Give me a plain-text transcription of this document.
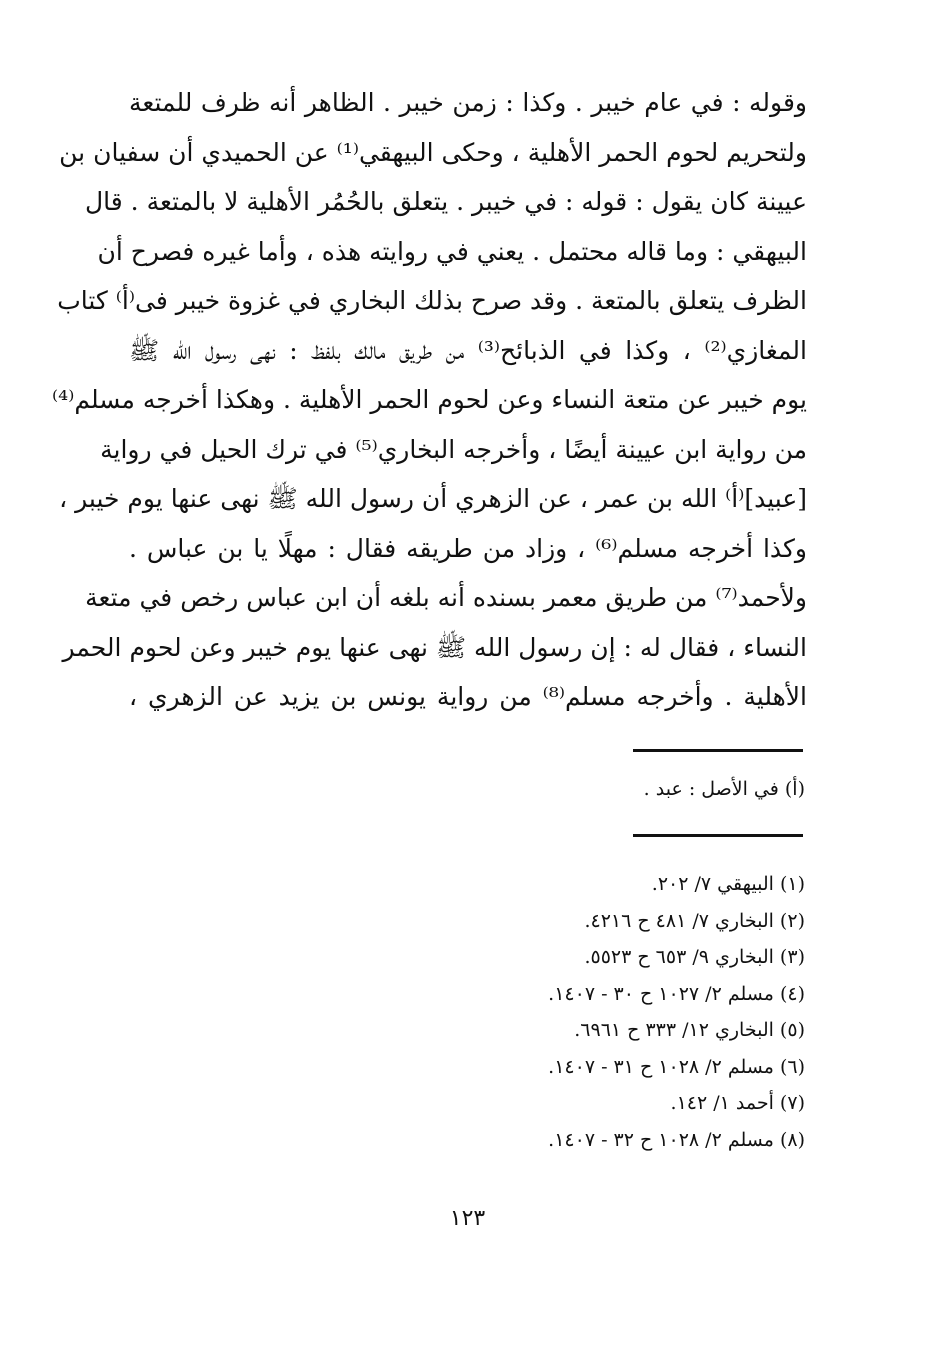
وقوله : في عام خيبر . وكذا : زمن خيبر . الظاهر أنه ظرف للمتعة
ولتحريم لحوم الحمر الأهلية ، وحكى البيهقي⁽¹⁾ عن الحميدي أن سفيان بن
عيينة كان يقول : قوله : في خيبر . يتعلق بالحُمُر الأهلية لا بالمتعة . قال
البيهقي : وما قاله محتمل . يعني في روايته هذه ، وأما غيره فصرح أن
الظرف يتعلق بالمتعة . وقد صرح بذلك البخاري في غزوة خيبر فى⁽أ⁾ كتاب
المغازي⁽²⁾ ، وكذا في الذبائح⁽³⁾ من طريق مالك بلفظ : نهى رسول الله ﷺ
يوم خيبر عن متعة النساء وعن لحوم الحمر الأهلية . وهكذا أخرجه مسلم⁽⁴⁾
من رواية ابن عيينة أيضًا ، وأخرجه البخاري⁽⁵⁾ في ترك الحيل في رواية
[عبيد]⁽أ⁾ الله بن عمر ، عن الزهري أن رسول الله ﷺ نهى عنها يوم خيبر ،
وكذا أخرجه مسلم⁽⁶⁾ ، وزاد من طريقه فقال : مهلًا يا بن عباس .
ولأحمد⁽⁷⁾ من طريق معمر بسنده أنه بلغه أن ابن عباس رخص في متعة
النساء ، فقال له : إن رسول الله ﷺ نهى عنها يوم خيبر وعن لحوم الحمر
الأهلية . وأخرجه مسلم⁽⁸⁾ من رواية يونس بن يزيد عن الزهري ،
(أ) في الأصل : عبد .
(١) البيهقي ٧/ ٢٠٢.
(٢) البخاري ٧/ ٤٨١ ح ٤٢١٦.
(٣) البخاري ٩/ ٦٥٣ ح ٥٥٢٣.
(٤) مسلم ٢/ ١٠٢٧ ح ٣٠ - ١٤٠٧.
(٥) البخاري ١٢/ ٣٣٣ ح ٦٩٦١.
(٦) مسلم ٢/ ١٠٢٨ ح ٣١ - ١٤٠٧.
(٧) أحمد ١/ ١٤٢.
(٨) مسلم ٢/ ١٠٢٨ ح ٣٢ - ١٤٠٧.
١٢٣
